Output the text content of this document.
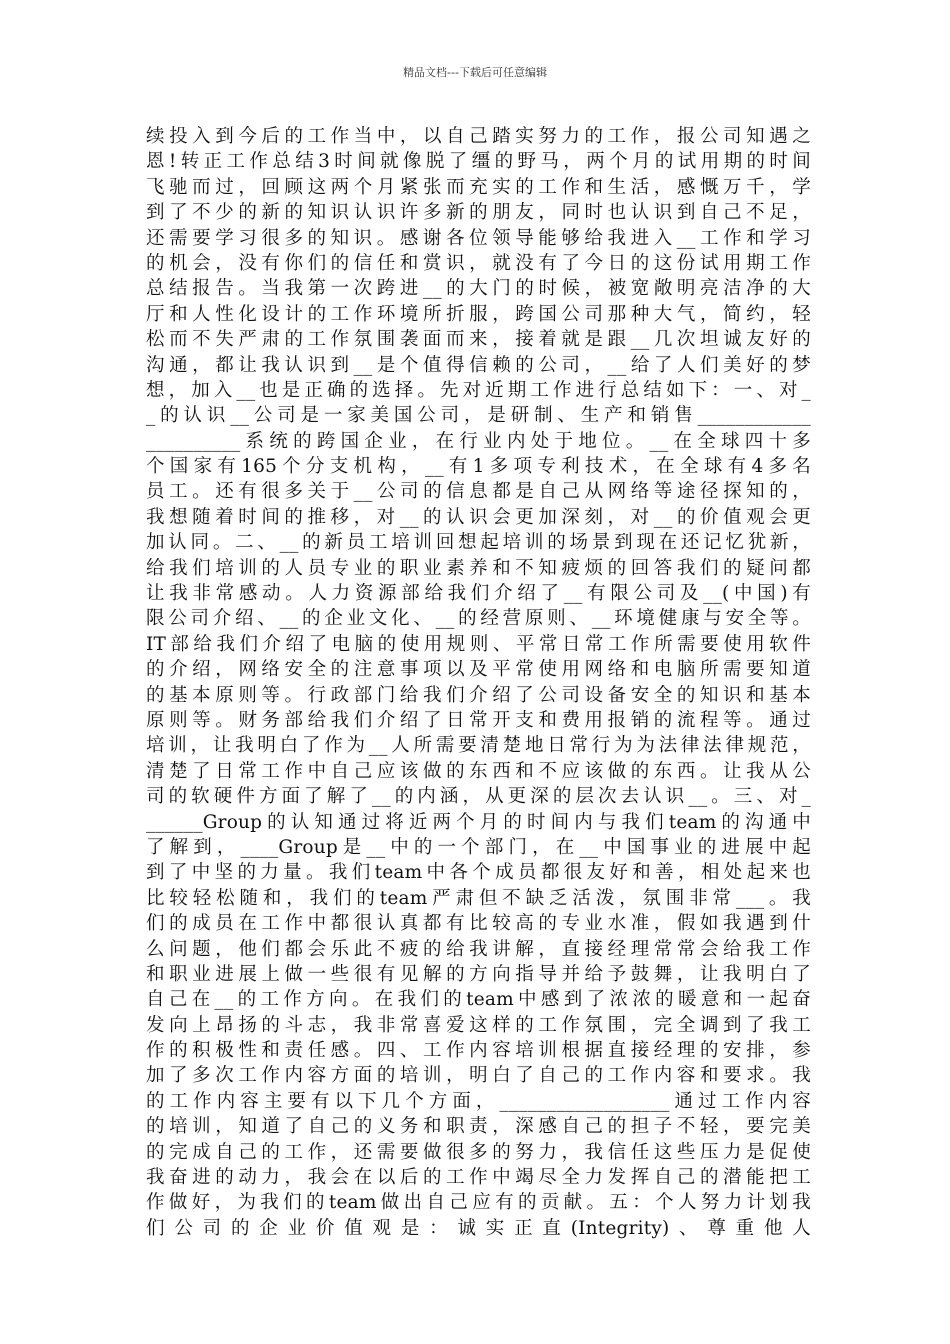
精品文档---下载后可任意编辑
续投入到今后的工作当中，以自己踏实努力的工作，报公司知遇之
恩!转正工作总结3时间就像脱了缰的野马，两个月的试用期的时间
飞驰而过，回顾这两个月紧张而充实的工作和生活，感慨万千，学
到了不少的新的知识认识许多新的朋友，同时也认识到自己不足，
还需要学习很多的知识。感谢各位领导能够给我进入__工作和学习
的机会，没有你们的信任和赏识，就没有了今日的这份试用期工作
总结报告。当我第一次跨进__的大门的时候，被宽敞明亮洁净的大
厅和人性化设计的工作环境所折服，跨国公司那种大气，简约，轻
松而不失严肃的工作氛围袭面而来，接着就是跟__几次坦诚友好的
沟通，都让我认识到__是个值得信赖的公司，__给了人们美好的梦
想，加入__也是正确的选择。先对近期工作进行总结如下：一、对_
_的认识__公司是一家美国公司，是研制、生产和销售____________
__________系统的跨国企业，在行业内处于地位。__在全球四十多
个国家有165个分支机构，__有1多项专利技术，在全球有4多名
员工。还有很多关于__公司的信息都是自己从网络等途径探知的，
我想随着时间的推移，对__的认识会更加深刻，对__的价值观会更
加认同。二、__的新员工培训回想起培训的场景到现在还记忆犹新，
给我们培训的人员专业的职业素养和不知疲烦的回答我们的疑问都
让我非常感动。人力资源部给我们介绍了__有限公司及__(中国)有
限公司介绍、__的企业文化、__的经营原则、__环境健康与安全等。
IT部给我们介绍了电脑的使用规则、平常日常工作所需要使用软件
的介绍，网络安全的注意事项以及平常使用网络和电脑所需要知道
的基本原则等。行政部门给我们介绍了公司设备安全的知识和基本
原则等。财务部给我们介绍了日常开支和费用报销的流程等。通过
培训，让我明白了作为__人所需要清楚地日常行为为法律法律规范，
清楚了日常工作中自己应该做的东西和不应该做的东西。让我从公
司的软硬件方面了解了__的内涵，从更深的层次去认识__。三、对_
______Group的认知通过将近两个月的时间内与我们team的沟通中
了解到，____Group是__中的一个部门，在__中国事业的进展中起
到了中坚的力量。我们team中各个成员都很友好和善，相处起来也
比较轻松随和，我们的team严肃但不缺乏活泼，氛围非常___。我
们的成员在工作中都很认真都有比较高的专业水准，假如我遇到什
么问题，他们都会乐此不疲的给我讲解，直接经理常常会给我工作
和职业进展上做一些很有见解的方向指导并给予鼓舞，让我明白了
自己在__的工作方向。在我们的team中感到了浓浓的暖意和一起奋
发向上昂扬的斗志，我非常喜爱这样的工作氛围，完全调到了我工
作的积极性和责任感。四、工作内容培训根据直接经理的安排，参
加了多次工作内容方面的培训，明白了自己的工作内容和要求。我
的工作内容主要有以下几个方面，__________________通过工作内容
的培训，知道了自己的义务和职责，深感自己的担子不轻，要完美
的完成自己的工作，还需要做很多的努力，我信任这些压力是促使
我奋进的动力，我会在以后的工作中竭尽全力发挥自己的潜能把工
作做好，为我们的team做出自己应有的贡献。五：个人努力计划我
们公司的企业价值观是：诚实正直(Integrity)、尊重他人
